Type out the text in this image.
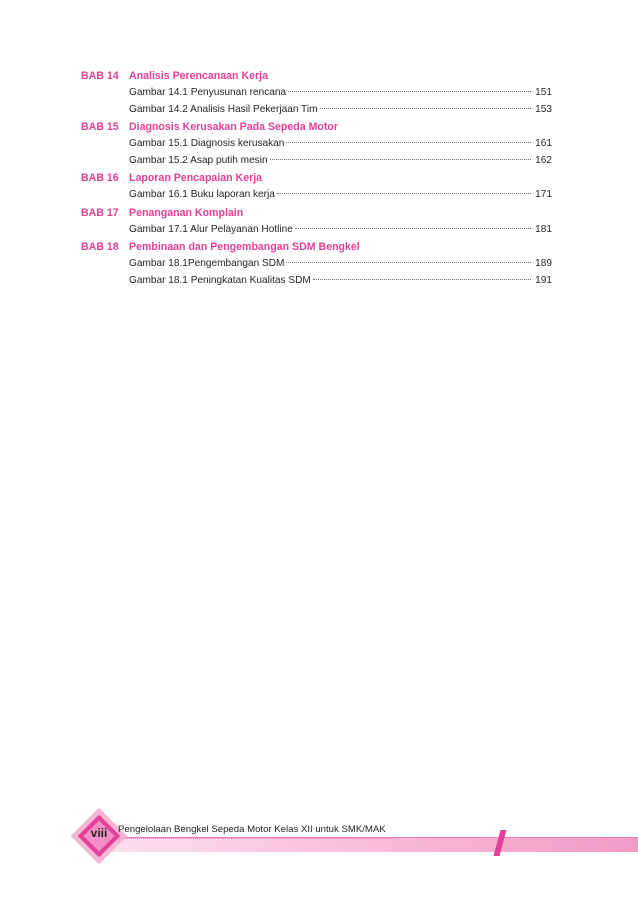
BAB 14 Analisis Perencanaan Kerja
Gambar 14.1 Penyusunan rencana	151
Gambar 14.2 Analisis Hasil Pekerjaan Tim	153
BAB 15 Diagnosis Kerusakan Pada Sepeda Motor
Gambar 15.1 Diagnosis kerusakan	161
Gambar 15.2 Asap putih mesin	162
BAB 16 Laporan Pencapaian Kerja
Gambar 16.1 Buku laporan kerja	171
BAB 17 Penanganan Komplain
Gambar 17.1 Alur Pelayanan Hotline	181
BAB 18 Pembinaan dan Pengembangan SDM Bengkel
Gambar 18.1Pengembangan SDM	189
Gambar 18.1 Peningkatan Kualitas SDM	191
viii	Pengelolaan Bengkel Sepeda Motor Kelas XII untuk SMK/MAK
